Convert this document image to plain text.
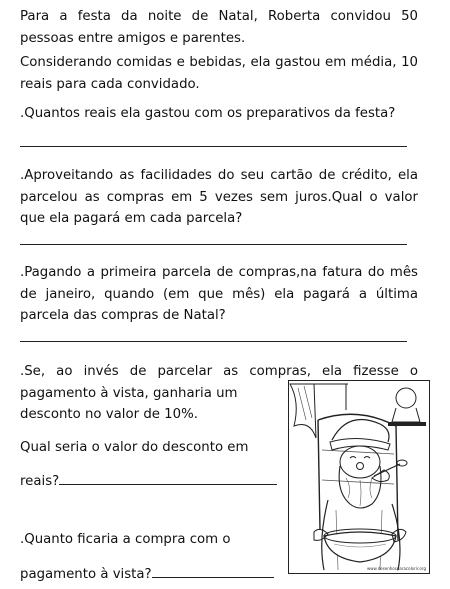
Para a festa da noite de Natal, Roberta convidou 50 pessoas entre amigos e parentes.

Considerando comidas e bebidas, ela gastou em média, 10 reais para cada convidado.

.Quantos reais ela gastou com os preparativos da festa?

.Aproveitando as facilidades do seu cartão de crédito, ela parcelou as compras em 5 vezes sem juros.Qual o valor que ela pagará em cada parcela?

.Pagando a primeira parcela de compras,na fatura do mês de janeiro, quando (em que mês) ela pagará a última parcela das compras de Natal?

.Se, ao invés de parcelar as compras, ela fizesse o pagamento à vista, ganharia um

desconto no valor de 10%.
Qual seria o valor do desconto em
reais?
.Quanto ficaria a compra com o
pagamento à vista?	www.desenhosparacolorir.org
